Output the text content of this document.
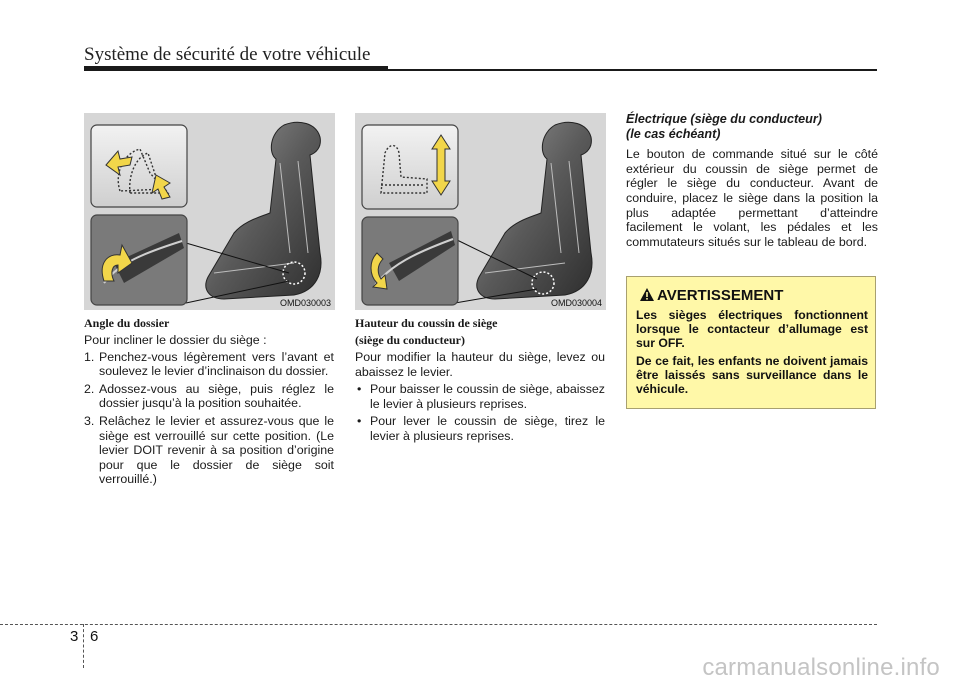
Système de sécurité de votre véhicule
OMD030003	OMD030004

Angle du dossier

Pour incliner le dossier du siège :

1. Penchez-vous légèrement vers l’avant et soulevez le levier d’inclinaison du dossier.
2. Adossez-vous au siège, puis réglez le dossier jusqu’à la position souhaitée.
3. Relâchez le levier et assurez-vous que le siège est verrouillé sur cette position. (Le levier DOIT revenir à sa position d’origine pour que le dossier de siège soit verrouillé.)

Hauteur du coussin de siège

(siège du conducteur)

Pour modifier la hauteur du siège, levez ou abaissez le levier.

• Pour baisser le coussin de siège, abaissez le levier à plusieurs reprises.
• Pour lever le coussin de siège, tirez le levier à plusieurs reprises.

Électrique (siège du conducteur)

(le cas échéant)

Le bouton de commande situé sur le côté extérieur du coussin de siège permet de régler le siège du conducteur. Avant de conduire, placez le siège dans la position la plus adaptée permettant d’atteindre facilement le volant, les pédales et les commutateurs situés sur le tableau de bord.

AVERTISSEMENT

Les sièges électriques fonctionnent lorsque le contacteur d’allumage est sur OFF.

De ce fait, les enfants ne doivent jamais être laissés sans surveillance dans le véhicule.

3 6
carmanualsonline.info
